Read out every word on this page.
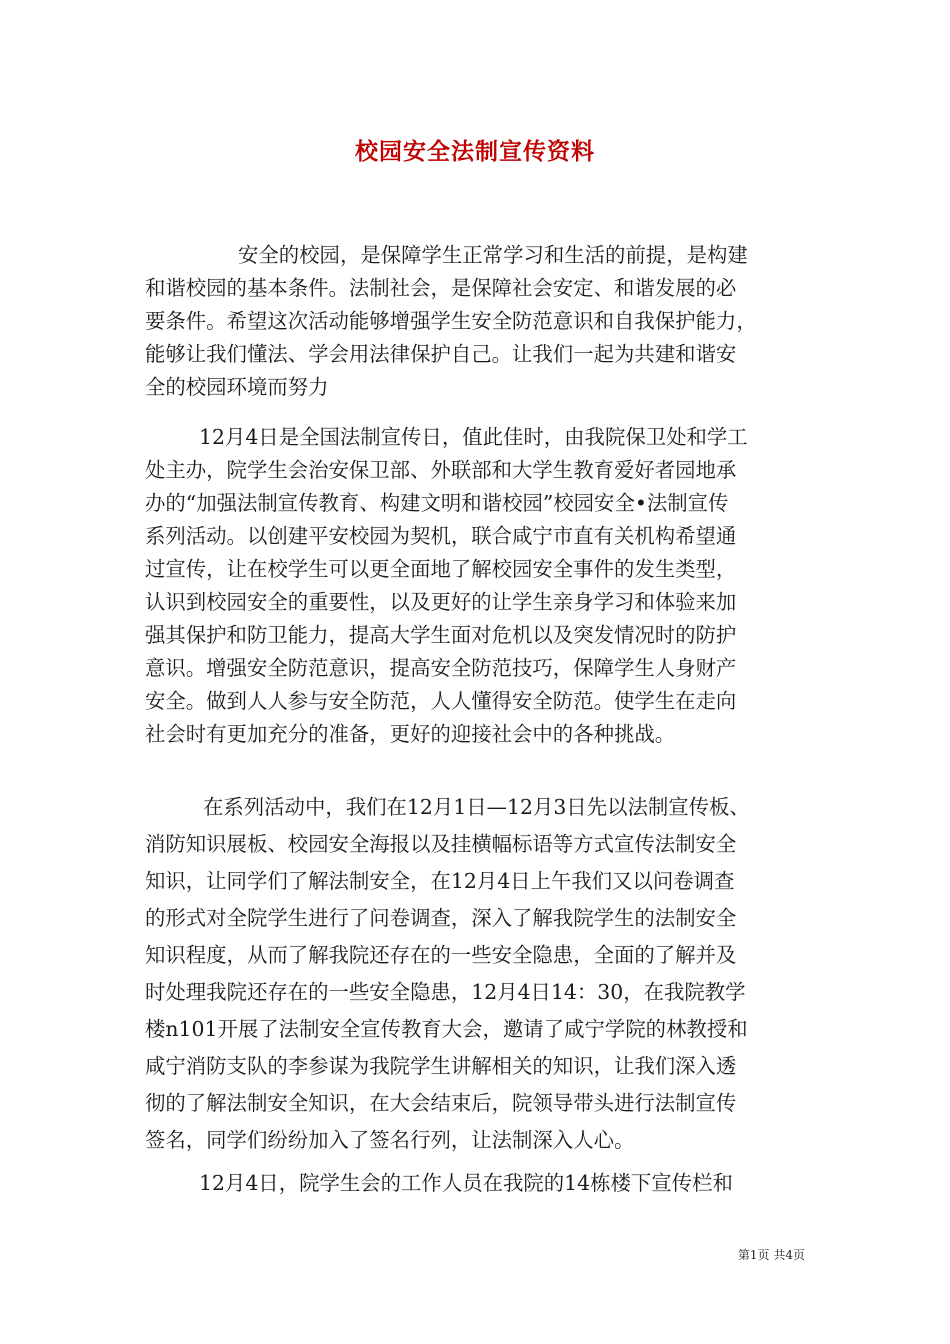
校园安全法制宣传资料
安全的校园，是保障学生正常学习和生活的前提，是构建
和谐校园的基本条件。法制社会，是保障社会安定、和谐发展的必
要条件。希望这次活动能够增强学生安全防范意识和自我保护能力，
能够让我们懂法、学会用法律保护自己。让我们一起为共建和谐安
全的校园环境而努力
12月4日是全国法制宣传日，值此佳时，由我院保卫处和学工
处主办，院学生会治安保卫部、外联部和大学生教育爱好者园地承
办的“加强法制宣传教育、构建文明和谐校园”校园安全•法制宣传
系列活动。以创建平安校园为契机，联合咸宁市直有关机构希望通
过宣传，让在校学生可以更全面地了解校园安全事件的发生类型，
认识到校园安全的重要性，以及更好的让学生亲身学习和体验来加
强其保护和防卫能力，提高大学生面对危机以及突发情况时的防护
意识。增强安全防范意识，提高安全防范技巧，保障学生人身财产
安全。做到人人参与安全防范，人人懂得安全防范。使学生在走向
社会时有更加充分的准备，更好的迎接社会中的各种挑战。
在系列活动中，我们在12月1日—12月3日先以法制宣传板、
消防知识展板、校园安全海报以及挂横幅标语等方式宣传法制安全
知识，让同学们了解法制安全，在12月4日上午我们又以问卷调查
的形式对全院学生进行了问卷调查，深入了解我院学生的法制安全
知识程度，从而了解我院还存在的一些安全隐患，全面的了解并及
时处理我院还存在的一些安全隐患，12月4日14：30，在我院教学
楼n101开展了法制安全宣传教育大会，邀请了咸宁学院的林教授和
咸宁消防支队的李参谋为我院学生讲解相关的知识，让我们深入透
彻的了解法制安全知识，在大会结束后，院领导带头进行法制宣传
签名，同学们纷纷加入了签名行列，让法制深入人心。
12月4日，院学生会的工作人员在我院的14栋楼下宣传栏和
第1页 共4页
